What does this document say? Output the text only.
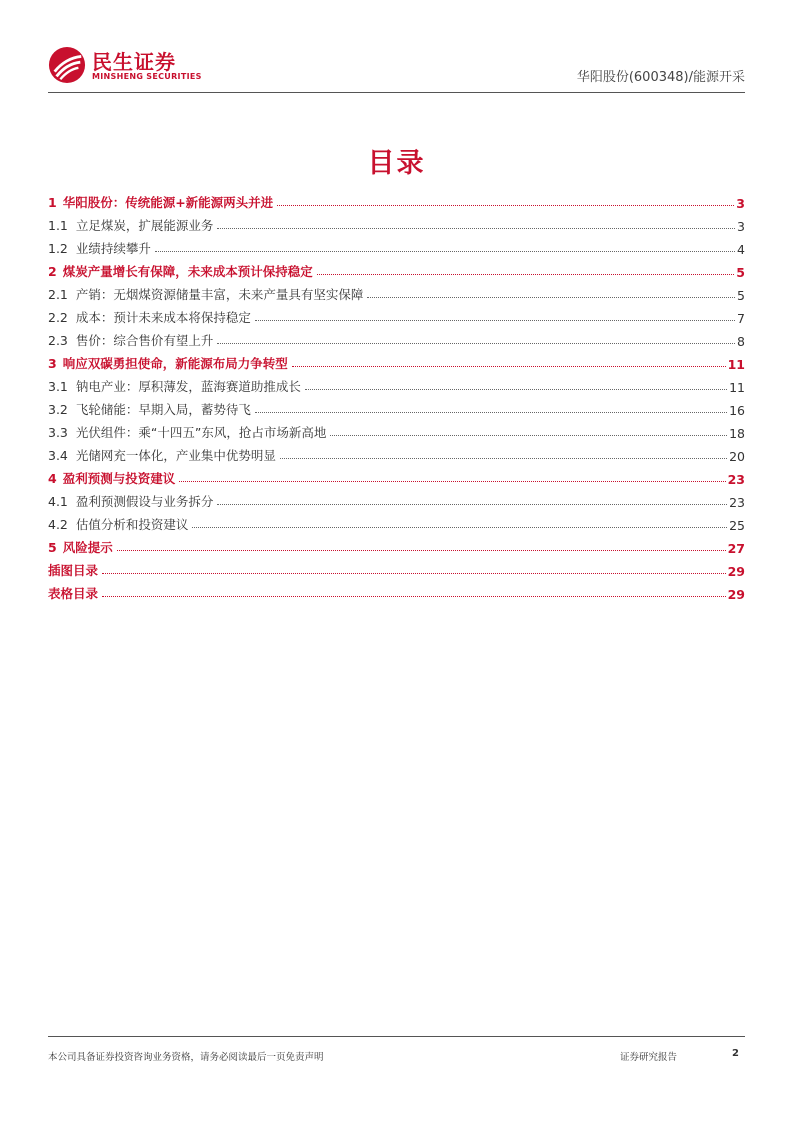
民生证券
MINSHENG SECURITIES	华阳股份(600348)/能源开采
目录
1 华阳股份：传统能源+新能源两头并进	3
1.1 立足煤炭，扩展能源业务	3
1.2 业绩持续攀升	4
2 煤炭产量增长有保障，未来成本预计保持稳定	5
2.1 产销：无烟煤资源储量丰富，未来产量具有坚实保障	5
2.2 成本：预计未来成本将保持稳定	7
2.3 售价：综合售价有望上升	8
3 响应双碳勇担使命，新能源布局力争转型	11
3.1 钠电产业：厚积薄发，蓝海赛道助推成长	11
3.2 飞轮储能：早期入局，蓄势待飞	16
3.3 光伏组件：乘“十四五”东风，抢占市场新高地	18
3.4 光储网充一体化，产业集中优势明显	20
4 盈利预测与投资建议	23
4.1 盈利预测假设与业务拆分	23
4.2 估值分析和投资建议	25
5 风险提示	27
插图目录	29
表格目录	29
本公司具备证券投资咨询业务资格，请务必阅读最后一页免责声明	证券研究报告	2
